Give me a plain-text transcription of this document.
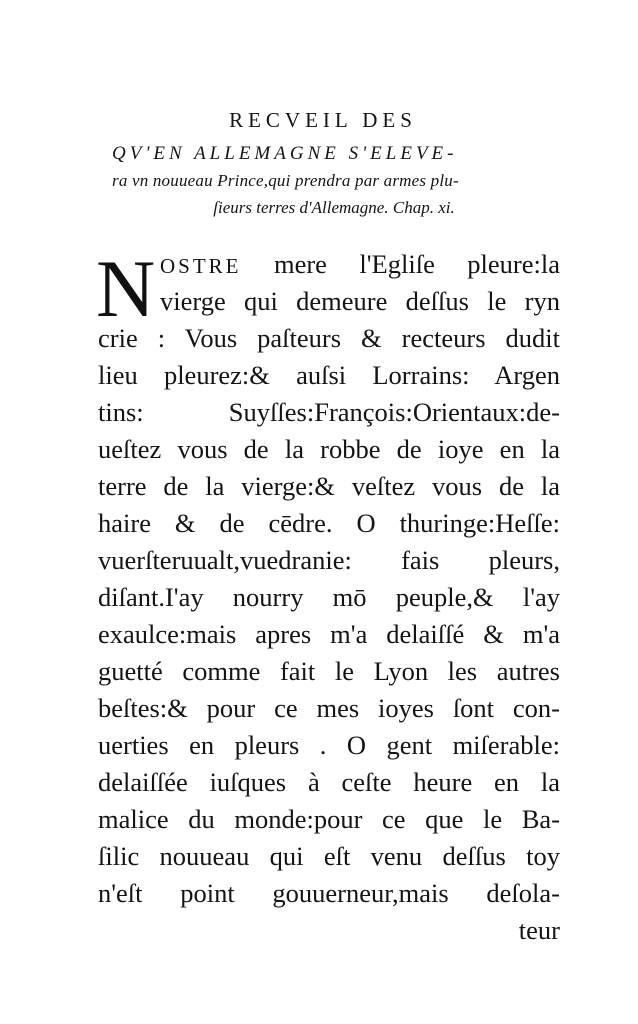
RECVEIL DES
QV'EN ALLEMAGNE S'ELEVE-
ra vn nouueau Prince,qui prendra par armes plu-
ſieurs terres d'Allemagne. Chap. xi.
N OSTRE mere l'Egliſe pleure:la
vierge qui demeure deſſus le ryn
crie : Vous paſteurs & recteurs dudit
lieu pleurez:& auſsi Lorrains: Argen
tins: Suyſſes:François:Orientaux:de-
ueſtez vous de la robbe de ioye en la
terre de la vierge:& veſtez vous de la
haire & de cēdre. O thuringe:Heſſe:
vuerſteruualt,vuedranie: fais pleurs,
diſant.I'ay nourry mō peuple,& l'ay
exaulce:mais apres m'a delaiſſé & m'a
guetté comme fait le Lyon les autres
beſtes:& pour ce mes ioyes ſont con-
uerties en pleurs . O gent miſerable:
delaiſſée iuſques à ceſte heure en la
malice du monde:pour ce que le Ba-
ſilic nouueau qui eſt venu deſſus toy
n'eſt point gouuerneur,mais deſola-
teur
